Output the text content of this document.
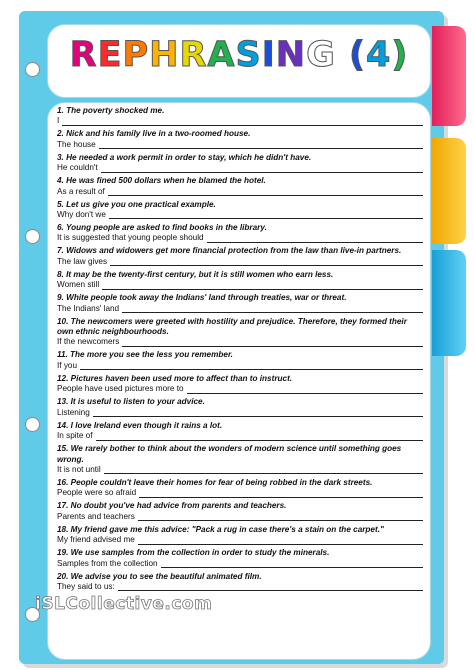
REPHRASING (4)
1. The poverty shocked me.
I
2. Nick and his family live in a two-roomed house.
The house
3. He needed a work permit in order to stay, which he didn't have.
He couldn't
4. He was fined 500 dollars when he blamed the hotel.
As a result of
5. Let us give you one practical example.
Why don't we
6. Young people are asked to find books in the library.
It is suggested that young people should
7. Widows and widowers get more financial protection from the law than live-in partners.
The law gives
8. It may be the twenty-first century, but it is still women who earn less.
Women still
9. White people took away the Indians' land through treaties, war or threat.
The Indians' land
10. The newcomers were greeted with hostility and prejudice. Therefore, they formed their own ethnic neighbourhoods.
If the newcomers
11. The more you see the less you remember.
If you
12. Pictures haven been used more to affect than to instruct.
People have used pictures more to
13. It is useful to listen to your advice.
Listening
14. I love Ireland even though it rains a lot.
In spite of
15. We rarely bother to think about the wonders of modern science until something goes wrong.
It is not until
16. People couldn't leave their homes for fear of being robbed in the dark streets.
People were so afraid
17. No doubt you've had advice from parents and teachers.
Parents and teachers
18. My friend gave me this advice: "Pack a rug in case there's a stain on the carpet."
My friend advised me
19. We use samples from the collection in order to study the minerals.
Samples from the collection
20. We advise you to see the beautiful animated film.
They said to us:
iSLCollective.com
